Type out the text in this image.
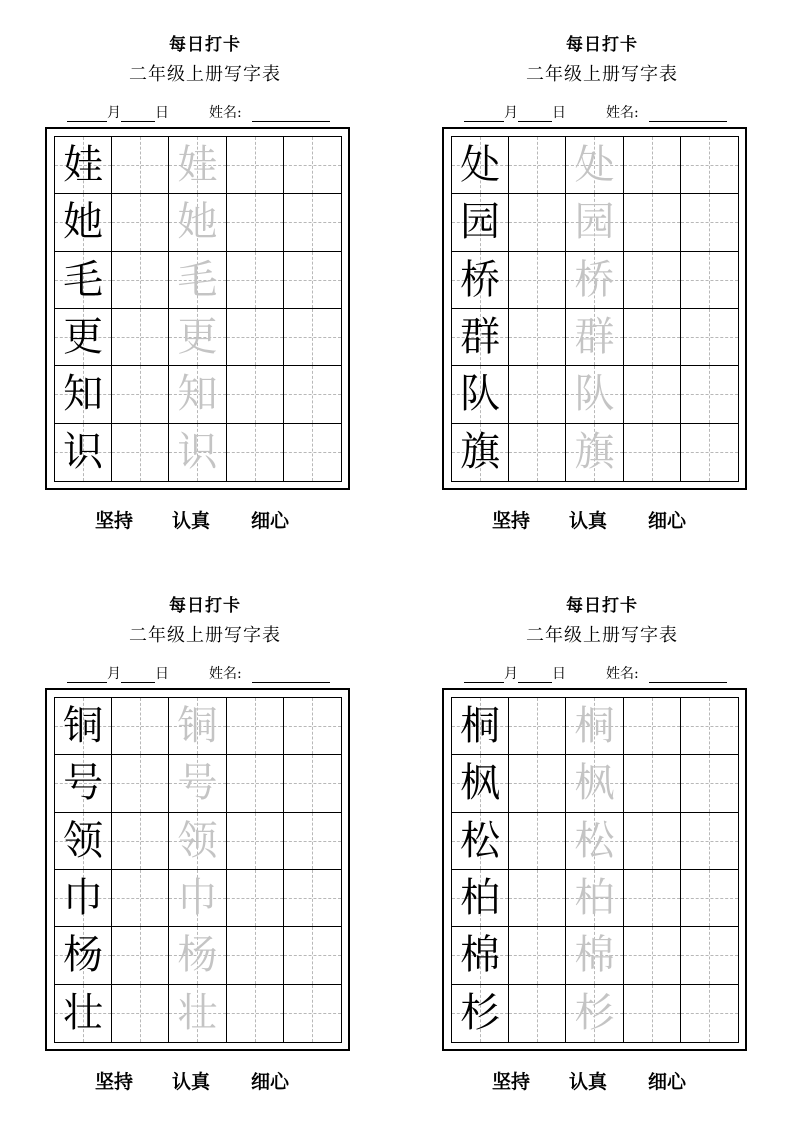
每日打卡
二年级上册写字表
月 日	姓名:
娃 娃
她 她
毛 毛
更 更
知 知
识 识
坚持 认真 细心
每日打卡
二年级上册写字表
月 日	姓名:
处 处
园 园
桥 桥
群 群
队 队
旗 旗
坚持 认真 细心
每日打卡
二年级上册写字表
月 日	姓名:
铜 铜
号 号
领 领
巾 巾
杨 杨
壮 壮
坚持 认真 细心
每日打卡
二年级上册写字表
月 日	姓名:
桐 桐
枫 枫
松 松
柏 柏
棉 棉
杉 杉
坚持 认真 细心
